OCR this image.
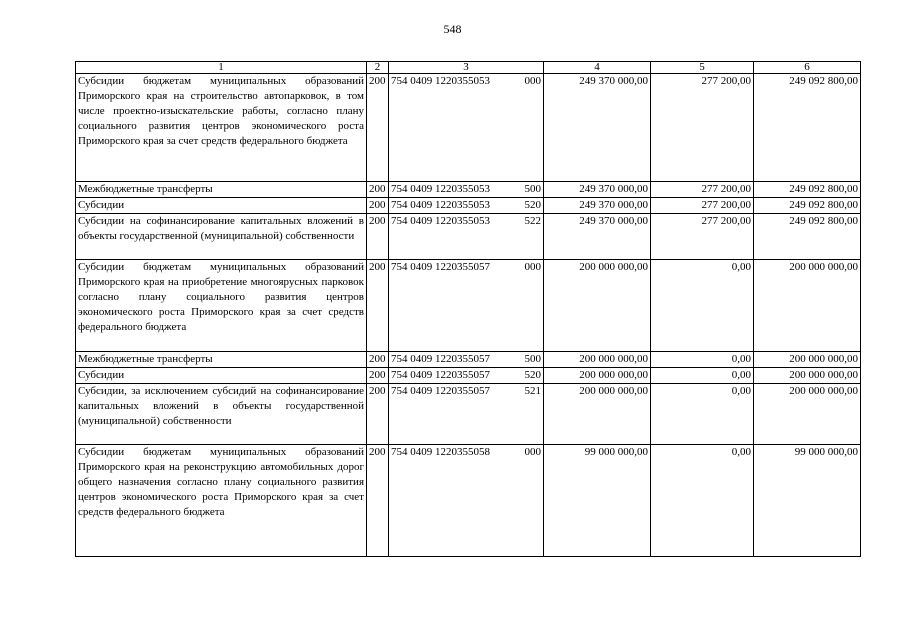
548
1	2	3	4	5	6
Субсидии бюджетам муниципальных образований Приморского края на строительство автопарковок, в том числе проектно-изыскательские работы, согласно плану социального развития центров экономического роста Приморского края за счет средств федерального бюджета	200	754 0409 1220355053 000	249 370 000,00	277 200,00	249 092 800,00
Межбюджетные трансферты	200	754 0409 1220355053 500	249 370 000,00	277 200,00	249 092 800,00
Субсидии	200	754 0409 1220355053 520	249 370 000,00	277 200,00	249 092 800,00
Субсидии на софинансирование капитальных вложений в объекты государственной (муниципальной) собственности	200	754 0409 1220355053 522	249 370 000,00	277 200,00	249 092 800,00
Субсидии бюджетам муниципальных образований Приморского края на приобретение многоярусных парковок согласно плану социального развития центров экономического роста Приморского края за счет средств федерального бюджета	200	754 0409 1220355057 000	200 000 000,00	0,00	200 000 000,00
Межбюджетные трансферты	200	754 0409 1220355057 500	200 000 000,00	0,00	200 000 000,00
Субсидии	200	754 0409 1220355057 520	200 000 000,00	0,00	200 000 000,00
Субсидии, за исключением субсидий на софинансирование капитальных вложений в объекты государственной (муниципальной) собственности	200	754 0409 1220355057 521	200 000 000,00	0,00	200 000 000,00
Субсидии бюджетам муниципальных образований Приморского края на реконструкцию автомобильных дорог общего назначения согласно плану социального развития центров экономического роста Приморского края за счет средств федерального бюджета	200	754 0409 1220355058 000	99 000 000,00	0,00	99 000 000,00
